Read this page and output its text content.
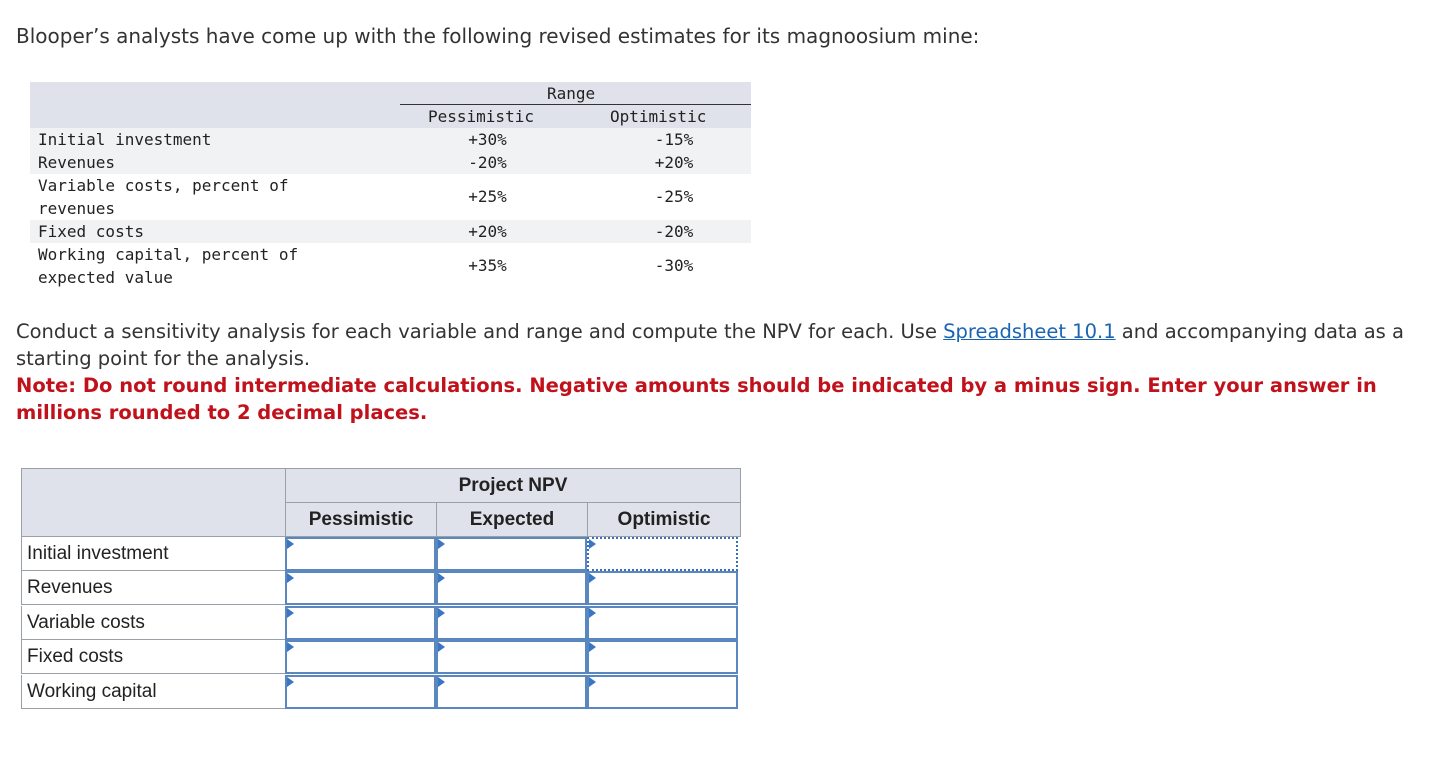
Blooper’s analysts have come up with the following revised estimates for its magnoosium mine:

Range
Pessimistic	Optimistic
Initial investment	+30%	-15%
Revenues	-20%	+20%
Variable costs, percent of revenues
+25%	-25%
Fixed costs	+20%	-20%
Working capital, percent of expected value
+35%	-30%

Conduct a sensitivity analysis for each variable and range and compute the NPV for each. Use Spreadsheet 10.1 and accompanying data as a starting point for the analysis.

Note: Do not round intermediate calculations. Negative amounts should be indicated by a minus sign. Enter your answer in millions rounded to 2 decimal places.

Project NPV
Pessimistic	Expected	Optimistic
Initial investment
Revenues
Variable costs
Fixed costs
Working capital
